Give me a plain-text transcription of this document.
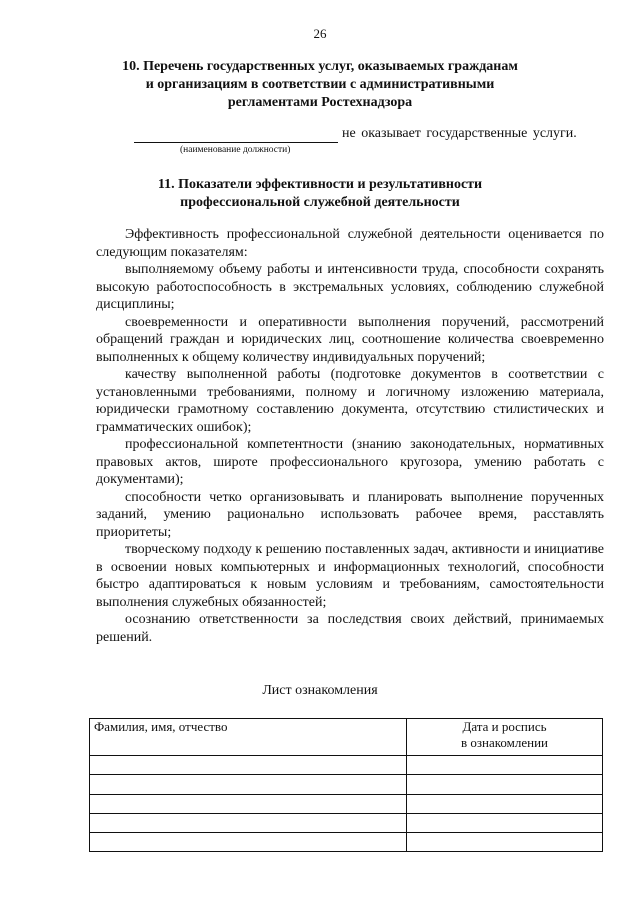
26
10. Перечень государственных услуг, оказываемых гражданам и организациям в соответствии с административными регламентами Ростехнадзора
не оказывает государственные услуги.
(наименование должности)
11. Показатели эффективности и результативности профессиональной служебной деятельности

Эффективность профессиональной служебной деятельности оценивается по следующим показателям:

выполняемому объему работы и интенсивности труда, способности сохранять высокую работоспособность в экстремальных условиях, соблюдению служебной дисциплины;

своевременности и оперативности выполнения поручений, рассмотрений обращений граждан и юридических лиц, соотношение количества своевременно выполненных к общему количеству индивидуальных поручений;

качеству выполненной работы (подготовке документов в соответствии с установленными требованиями, полному и логичному изложению материала, юридически грамотному составлению документа, отсутствию стилистических и грамматических ошибок);

профессиональной компетентности (знанию законодательных, нормативных правовых актов, широте профессионального кругозора, умению работать с документами);

способности четко организовывать и планировать выполнение порученных заданий, умению рационально использовать рабочее время, расставлять приоритеты;

творческому подходу к решению поставленных задач, активности и инициативе в освоении новых компьютерных и информационных технологий, способности быстро адаптироваться к новым условиям и требованиям, самостоятельности выполнения служебных обязанностей;

осознанию ответственности за последствия своих действий, принимаемых решений.

Лист ознакомления
Фамилия, имя, отчество	Дата и роспись
в ознакомлении
